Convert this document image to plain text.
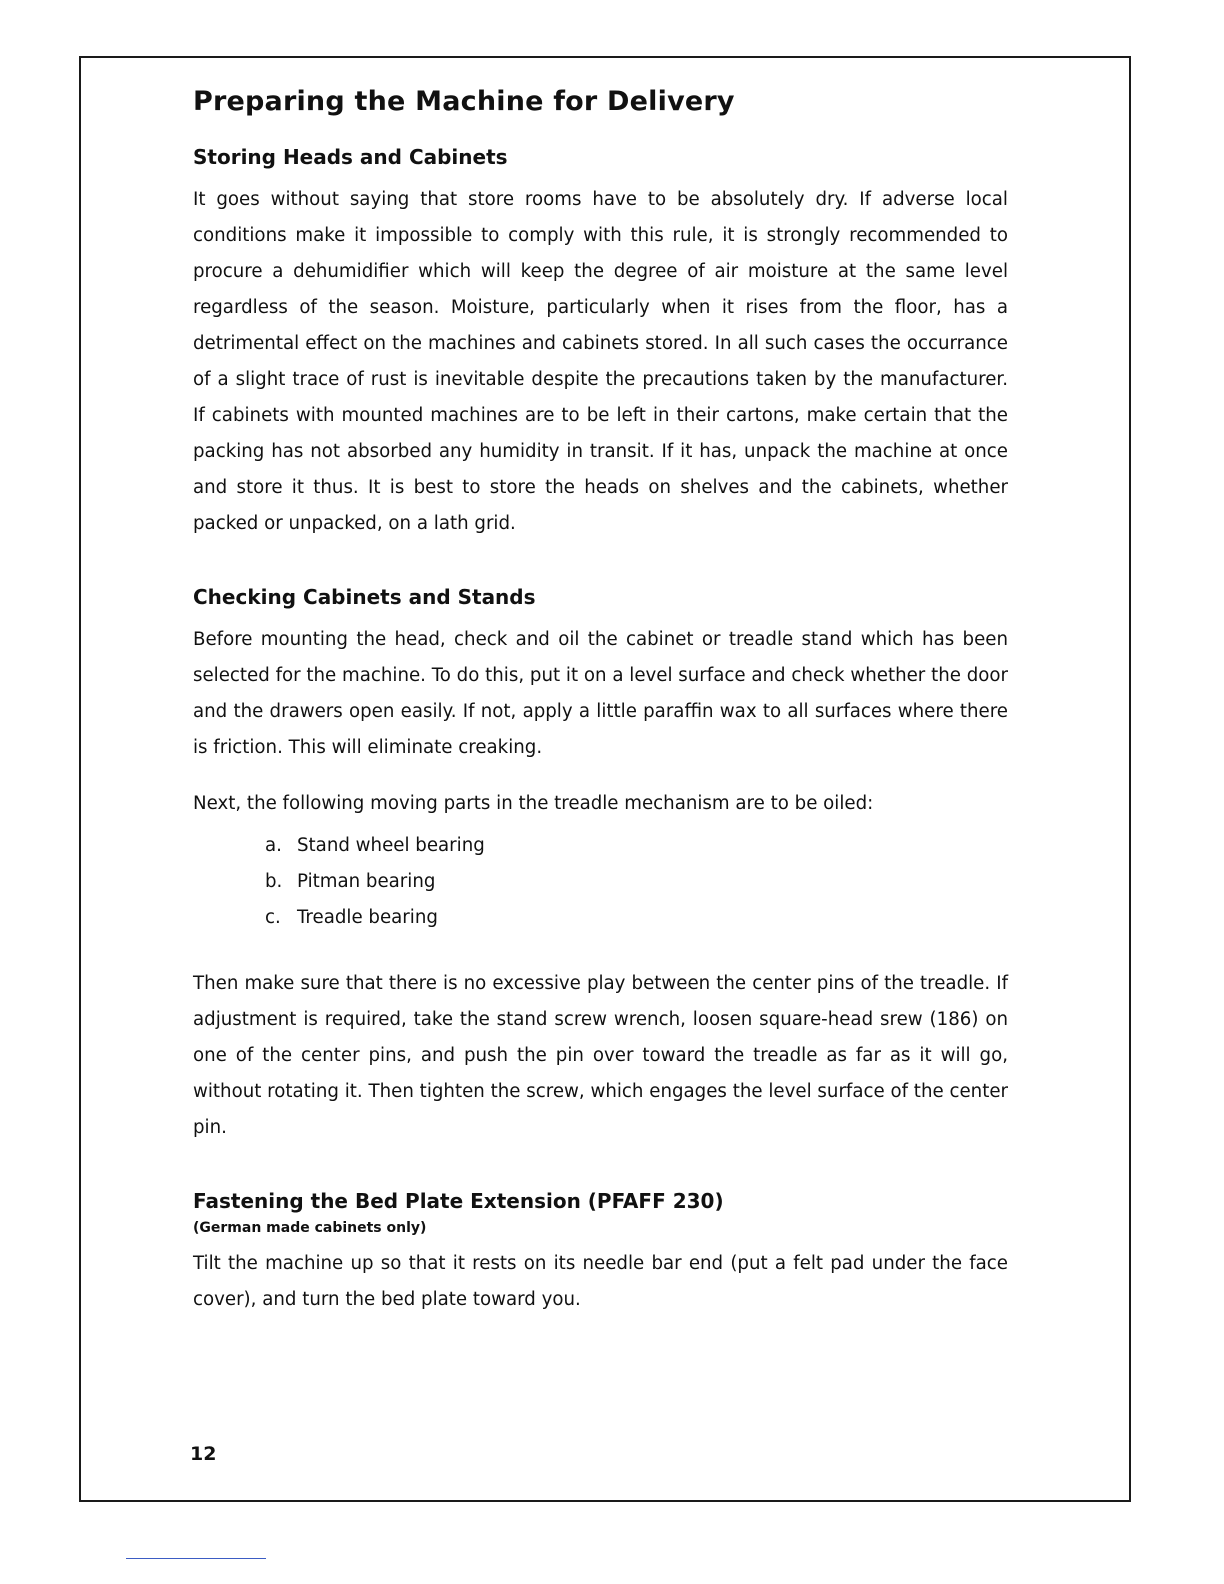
Preparing the Machine for Delivery
Storing Heads and Cabinets

It goes without saying that store rooms have to be absolutely dry. If adverse local conditions make it impossible to comply with this rule, it is strongly recommended to procure a dehumidifier which will keep the degree of air moisture at the same level regardless of the season. Moisture, particularly when it rises from the floor, has a detrimental effect on the machines and cabinets stored. In all such cases the occurrance of a slight trace of rust is inevitable despite the precautions taken by the manufacturer. If cabinets with mounted machines are to be left in their cartons, make certain that the packing has not absorbed any humidity in transit. If it has, unpack the machine at once and store it thus. It is best to store the heads on shelves and the cabinets, whether packed or unpacked, on a lath grid.

Checking Cabinets and Stands

Before mounting the head, check and oil the cabinet or treadle stand which has been selected for the machine. To do this, put it on a level surface and check whether the door and the drawers open easily. If not, apply a little paraffin wax to all surfaces where there is friction. This will eliminate creaking.

Next, the following moving parts in the treadle mechanism are to be oiled:

a. Stand wheel bearing
b. Pitman bearing
c. Treadle bearing

Then make sure that there is no excessive play between the center pins of the treadle. If adjustment is required, take the stand screw wrench, loosen square-head srew (186) on one of the center pins, and push the pin over toward the treadle as far as it will go, without rotating it. Then tighten the screw, which engages the level surface of the center pin.

Fastening the Bed Plate Extension (PFAFF 230)
(German made cabinets only)

Tilt the machine up so that it rests on its needle bar end (put a felt pad under the face cover), and turn the bed plate toward you.

12
